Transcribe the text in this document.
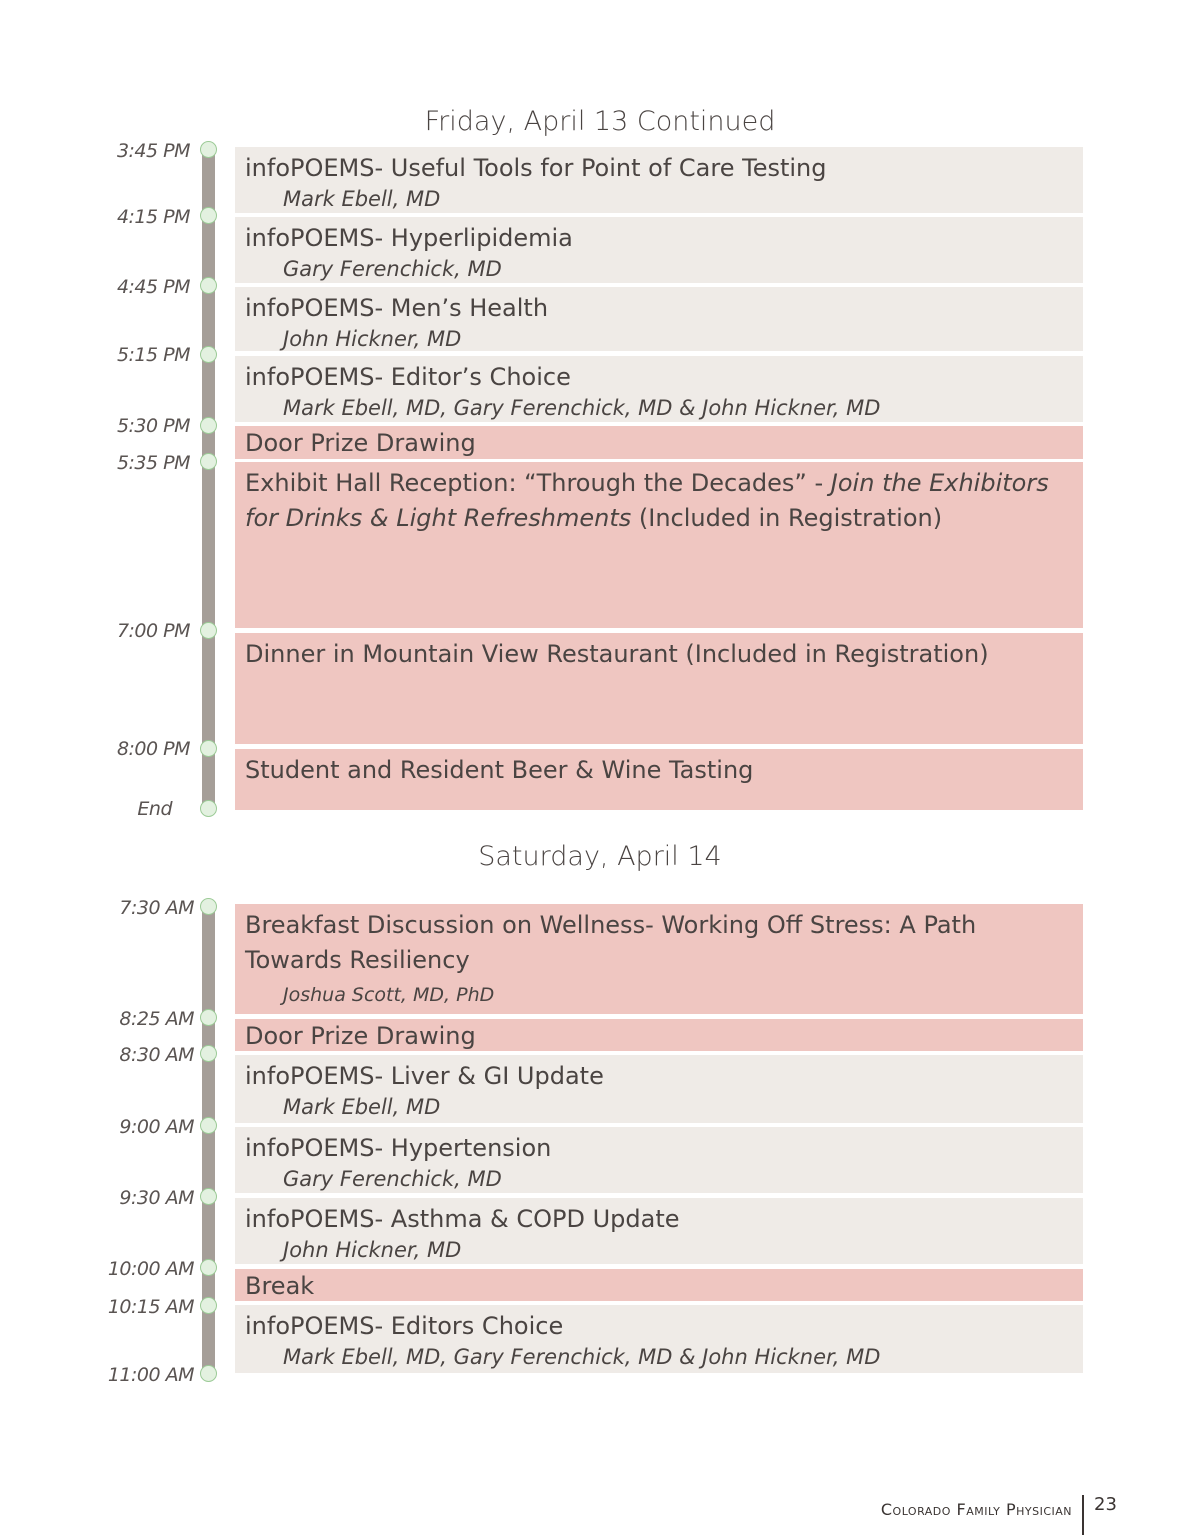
Friday, April 13 Continued
3:45 PM
4:15 PM
4:45 PM
5:15 PM
5:30 PM
5:35 PM
7:00 PM
8:00 PM
End
infoPOEMS- Useful Tools for Point of Care Testing
Mark Ebell, MD
infoPOEMS- Hyperlipidemia
Gary Ferenchick, MD
infoPOEMS- Men’s Health
John Hickner, MD
infoPOEMS- Editor’s Choice
Mark Ebell, MD, Gary Ferenchick, MD & John Hickner, MD
Door Prize Drawing
Exhibit Hall Reception: “Through the Decades” - Join the Exhibitors for Drinks & Light Refreshments (Included in Registration)
Dinner in Mountain View Restaurant (Included in Registration)
Student and Resident Beer & Wine Tasting
Saturday, April 14
7:30 AM
8:25 AM
8:30 AM
9:00 AM
9:30 AM
10:00 AM
10:15 AM
11:00 AM
Breakfast Discussion on Wellness- Working Off Stress: A Path Towards Resiliency
Joshua Scott, MD, PhD
Door Prize Drawing
infoPOEMS- Liver & GI Update
Mark Ebell, MD
infoPOEMS- Hypertension
Gary Ferenchick, MD
infoPOEMS- Asthma & COPD Update
John Hickner, MD
Break
infoPOEMS- Editors Choice
Mark Ebell, MD, Gary Ferenchick, MD & John Hickner, MD
Colorado Family Physician 23
